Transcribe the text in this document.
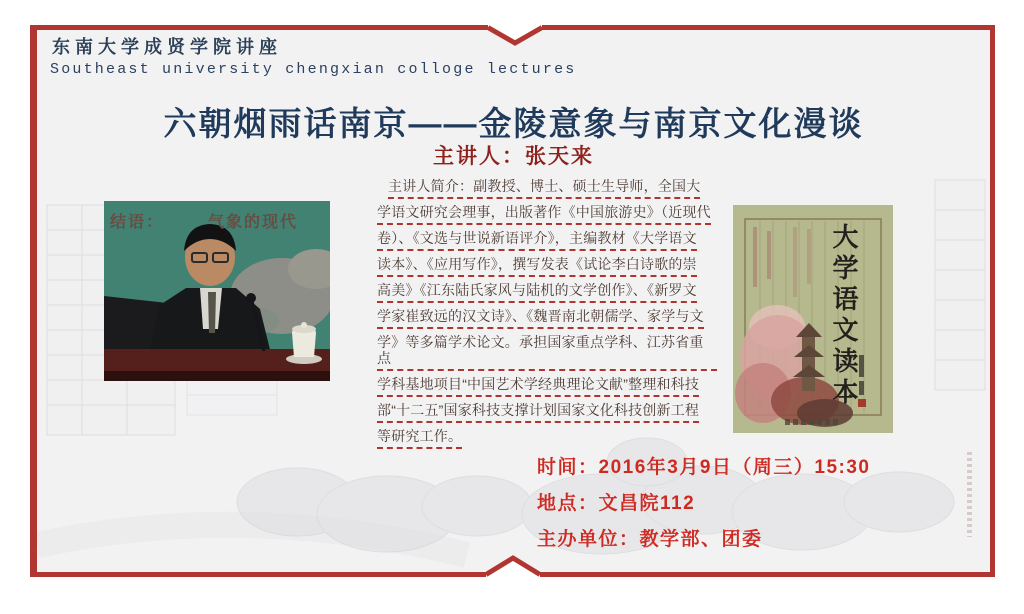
东南大学成贤学院讲座
Southeast university chengxian colloge lectures
六朝烟雨话南京——金陵意象与南京文化漫谈
主讲人：张天来
结语：	气象的现代
主讲人简介：副教授、博士、硕士生导师，全国大
学语文研究会理事，出版著作《中国旅游史》（近现代
卷）、《文选与世说新语评介》，主编教材《大学语文
读本》、《应用写作》，撰写发表《试论李白诗歌的崇
高美》《江东陆氏家风与陆机的文学创作》、《新罗文
学家崔致远的汉文诗》、《魏晋南北朝儒学、家学与文
学》等多篇学术论文。承担国家重点学科、江苏省重点
学科基地项目“中国艺术学经典理论文献”整理和科技
部“十二五”国家科技支撑计划国家文化科技创新工程
等研究工作。
大学语文读本
时间：2016年3月9日（周三）15:30
地点：文昌院112
主办单位：教学部、团委
